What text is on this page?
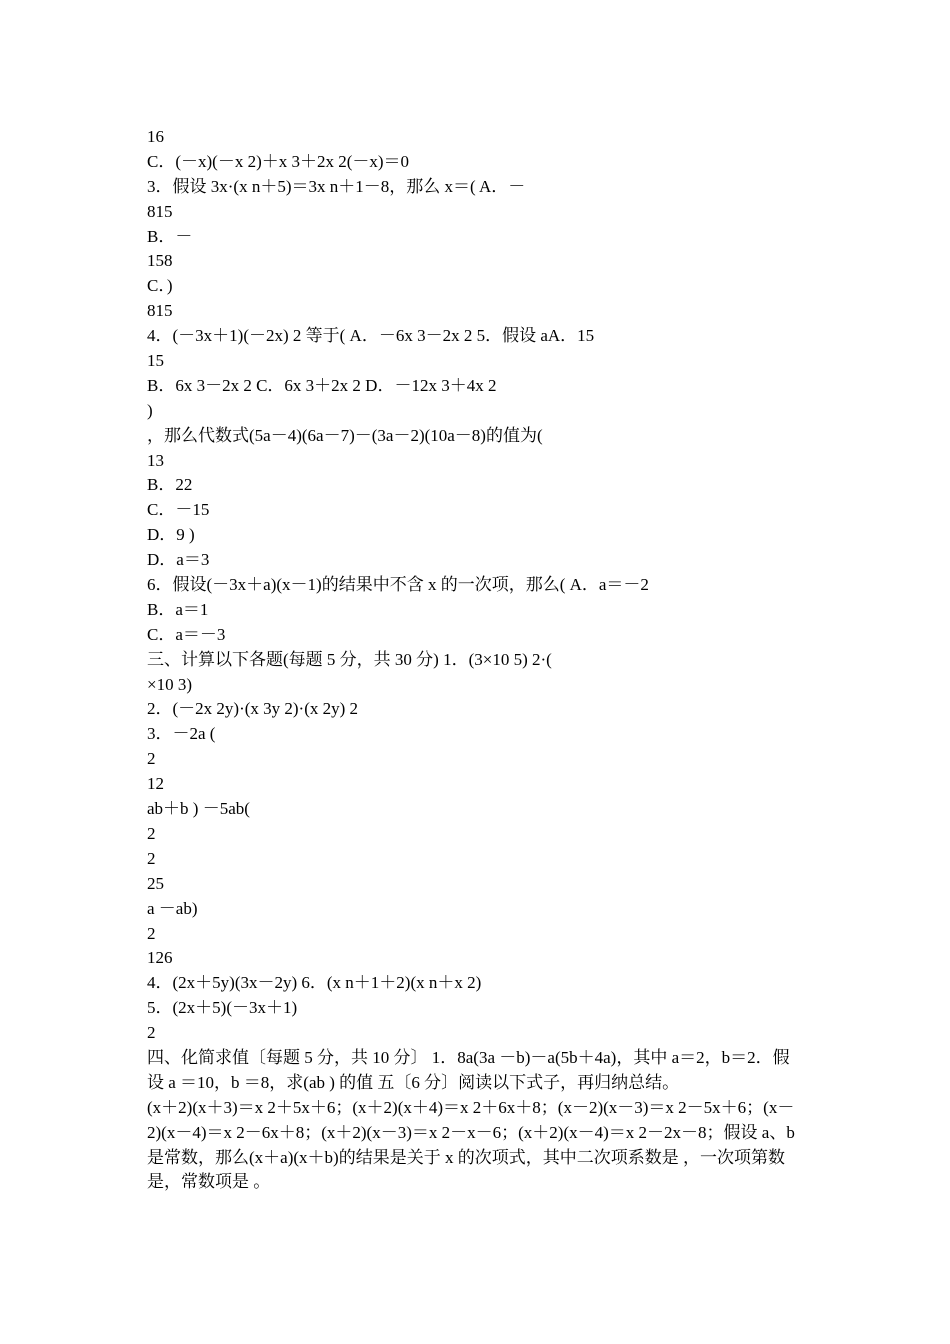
16
C．(－x)(－x 2)＋x 3＋2x 2(－x)＝0
3．假设 3x·(x n＋5)＝3x n＋1－8，那么 x＝( A．－
815
B．－
158
C．)
815
4．(－3x＋1)(－2x) 2 等于( A．－6x 3－2x 2 5．假设 aA．15
15
B．6x 3－2x 2 C．6x 3＋2x 2 D．－12x 3＋4x 2
)
，那么代数式(5a－4)(6a－7)－(3a－2)(10a－8)的值为(
13
B．22
C．－15
D．9 )
D．a＝3
6．假设(－3x＋a)(x－1)的结果中不含 x 的一次项，那么( A．a＝－2
B．a＝1
C．a＝－3
三、计算以下各题(每题 5 分，共 30 分) 1．(3×10 5) 2·(
×10 3)
2．(－2x 2y)·(x 3y 2)·(x 2y) 2
3．－2a (
2
12
ab＋b ) －5ab(
2
2
25
a －ab)
2
126
4．(2x＋5y)(3x－2y) 6．(x n＋1＋2)(x n＋x 2)
5．(2x＋5)(－3x＋1)
2
四、化简求值〔每题 5 分，共 10 分〕 1．8a(3a －b)－a(5b＋4a)，其中 a＝2，b＝2．假设 a ＝10，b ＝8，求(ab ) 的值 五〔6 分〕阅读以下式子，再归纳总结。
(x＋2)(x＋3)＝x 2＋5x＋6；(x＋2)(x＋4)＝x 2＋6x＋8；(x－2)(x－3)＝x 2－5x＋6；(x－2)(x－4)＝x 2－6x＋8；(x＋2)(x－3)＝x 2－x－6；(x＋2)(x－4)＝x 2－2x－8；假设 a、b 是常数，那么(x＋a)(x＋b)的结果是关于 x 的次项式，其中二次项系数是 ，一次项第数是，常数项是 。
